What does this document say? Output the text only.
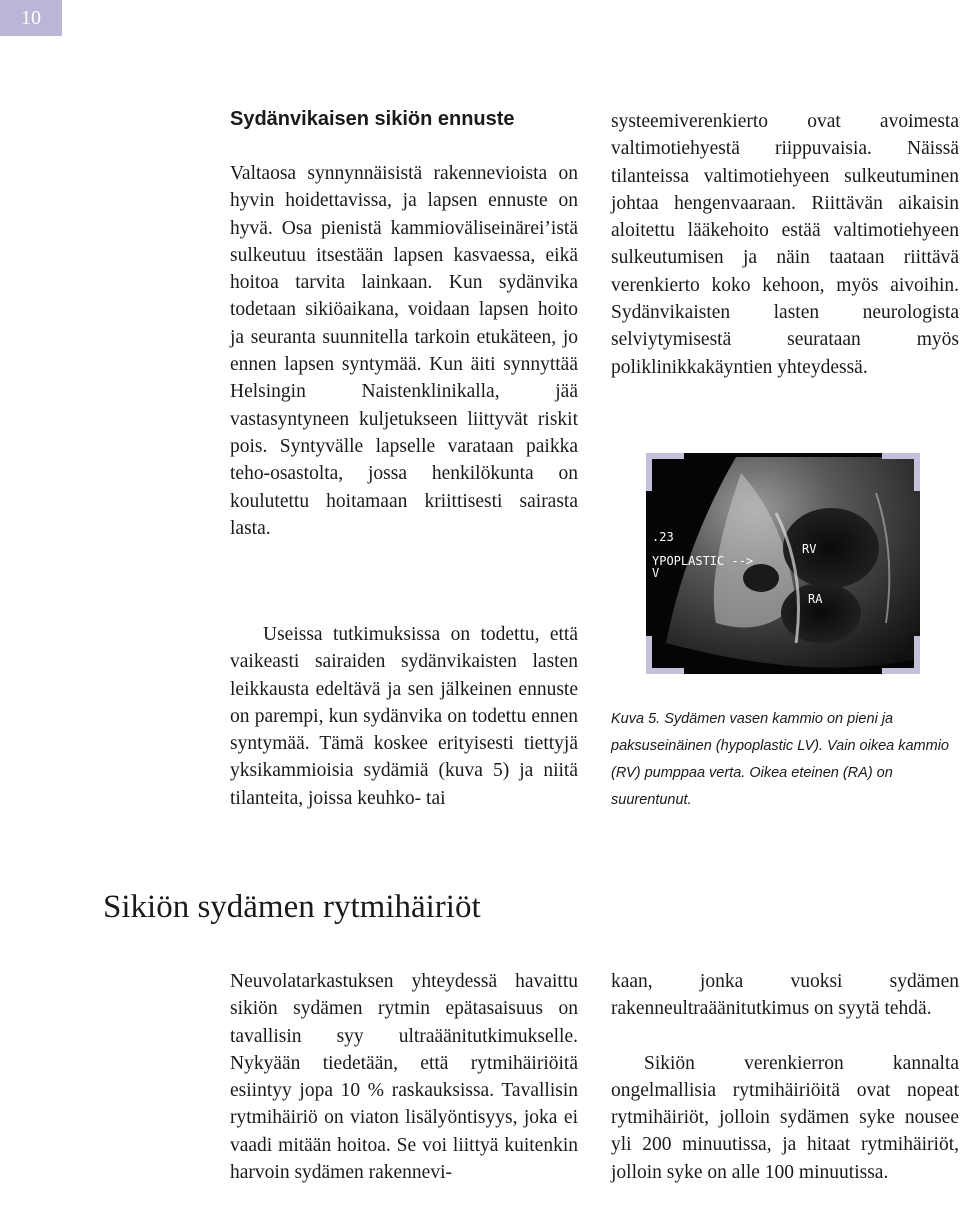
10
Sydänvikaisen sikiön ennuste

Valtaosa synnynnäisistä rakennevioista on hyvin hoidettavissa, ja lapsen ennuste on hyvä. Osa pienistä kammioväliseinärei’istä sulkeutuu itsestään lapsen kasvaessa, eikä hoitoa tarvita lainkaan. Kun sydänvika todetaan sikiöaikana, voidaan lapsen hoito ja seuranta suunnitella tarkoin etukäteen, jo ennen lapsen syntymää. Kun äiti synnyttää Helsingin Naistenklinikalla, jää vastasyntyneen kuljetukseen liittyvät riskit pois. Syntyvälle lapselle varataan paikka teho-osastolta, jossa henkilökunta on koulutettu hoitamaan kriittisesti sairasta lasta.

Useissa tutkimuksissa on todettu, että vaikeasti sairaiden sydänvikaisten lasten leikkausta edeltävä ja sen jälkeinen ennuste on parempi, kun sydänvika on todettu ennen syntymää. Tämä koskee erityisesti tiettyjä yksikammioisia sydämiä (kuva 5) ja niitä tilanteita, joissa keuhko- tai

systeemiverenkierto ovat avoimesta valtimotiehyestä riippuvaisia. Näissä tilanteissa valtimotiehyeen sulkeutuminen johtaa hengenvaaraan. Riittävän aikaisin aloitettu lääkehoito estää valtimotiehyeen sulkeutumisen ja näin taataan riittävä verenkierto koko kehoon, myös aivoihin. Sydänvikaisten lasten neurologista selviytymisestä seurataan myös poliklinikkakäyntien yhteydessä.

.23
YPOPLASTIC -->
V
RV
RA

Kuva 5. Sydämen vasen kammio on pieni ja paksuseinäinen (hypoplastic LV). Vain oikea kammio (RV) pumppaa verta. Oikea eteinen (RA) on suurentunut.

Sikiön sydämen rytmihäiriöt

Neuvolatarkastuksen yhteydessä havaittu sikiön sydämen rytmin epätasaisuus on tavallisin syy ultraäänitutkimukselle. Nykyään tiedetään, että rytmihäiriöitä esiintyy jopa 10 % raskauksissa. Tavallisin rytmihäiriö on viaton lisälyöntisyys, joka ei vaadi mitään hoitoa. Se voi liittyä kuitenkin harvoin sydämen rakennevi-

kaan, jonka vuoksi sydämen rakenneultraäänitutkimus on syytä tehdä.

Sikiön verenkierron kannalta ongelmallisia rytmihäiriöitä ovat nopeat rytmihäiriöt, jolloin sydämen syke nousee yli 200 minuutissa, ja hitaat rytmihäiriöt, jolloin syke on alle 100 minuutissa.
